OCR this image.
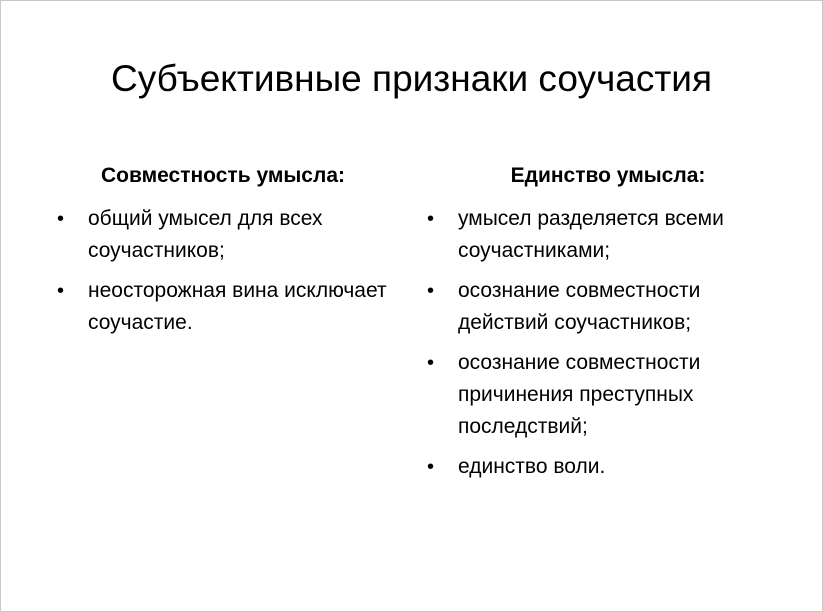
Субъективные признаки соучастия
Совместность умысла:
• общий умысел для всех соучастников;
• неосторожная вина исключает соучастие.
Единство умысла:
• умысел разделяется всеми соучастниками;
• осознание совместности действий соучастников;
• осознание совместности причинения преступных последствий;
• единство воли.
